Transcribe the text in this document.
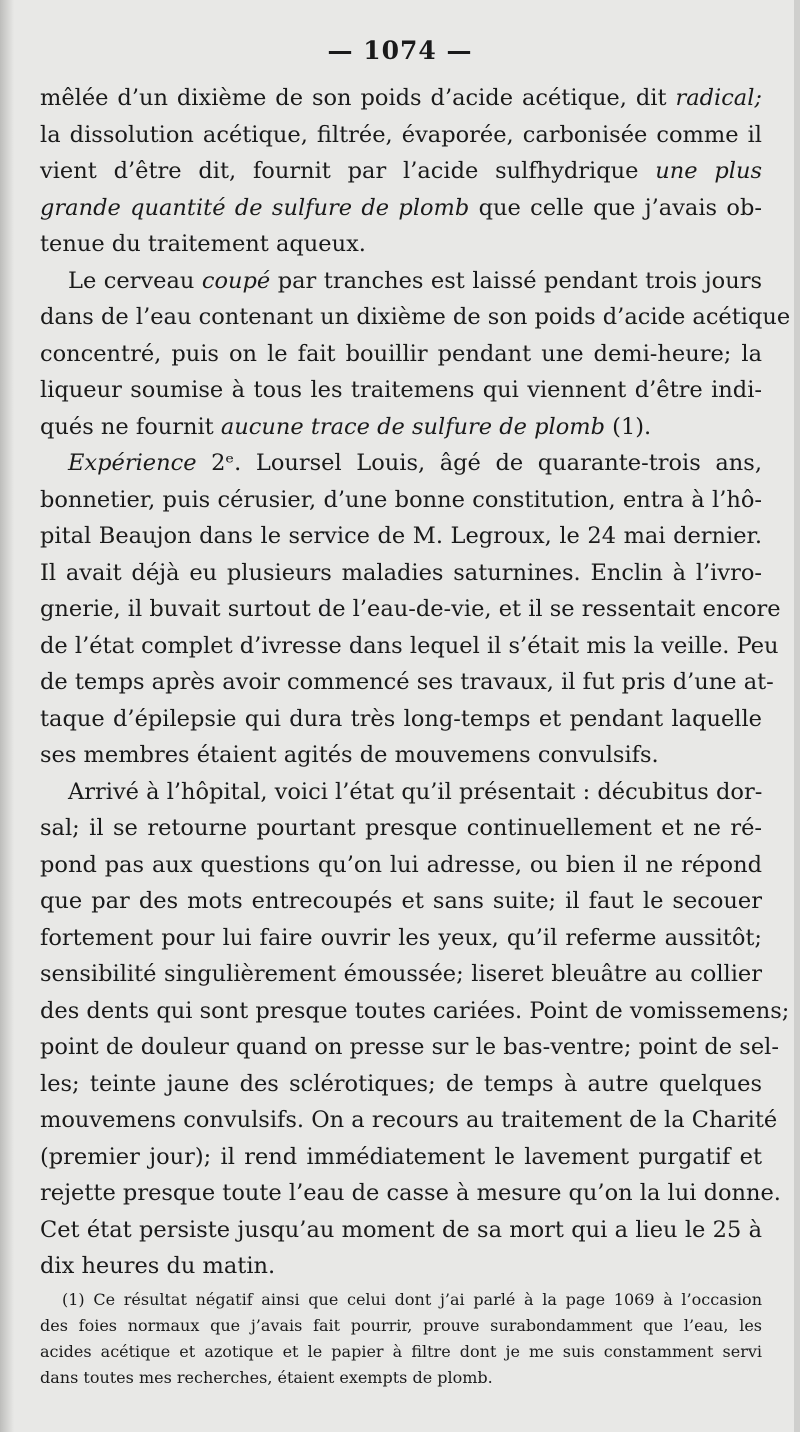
— 1074 —
mêlée d’un dixième de son poids d’acide acétique, dit radical;
la dissolution acétique, filtrée, évaporée, carbonisée comme il
vient d’être dit, fournit par l’acide sulfhydrique une plus
grande quantité de sulfure de plomb que celle que j’avais ob-
tenue du traitement aqueux.
Le cerveau coupé par tranches est laissé pendant trois jours
dans de l’eau contenant un dixième de son poids d’acide acétique
concentré, puis on le fait bouillir pendant une demi-heure; la
liqueur soumise à tous les traitemens qui viennent d’être indi-
qués ne fournit aucune trace de sulfure de plomb (1).
Expérience 2ᵉ. Loursel Louis, âgé de quarante-trois ans,
bonnetier, puis cérusier, d’une bonne constitution, entra à l’hô-
pital Beaujon dans le service de M. Legroux, le 24 mai dernier.
Il avait déjà eu plusieurs maladies saturnines. Enclin à l’ivro-
gnerie, il buvait surtout de l’eau-de-vie, et il se ressentait encore
de l’état complet d’ivresse dans lequel il s’était mis la veille. Peu
de temps après avoir commencé ses travaux, il fut pris d’une at-
taque d’épilepsie qui dura très long-temps et pendant laquelle
ses membres étaient agités de mouvemens convulsifs.
Arrivé à l’hôpital, voici l’état qu’il présentait : décubitus dor-
sal; il se retourne pourtant presque continuellement et ne ré-
pond pas aux questions qu’on lui adresse, ou bien il ne répond
que par des mots entrecoupés et sans suite; il faut le secouer
fortement pour lui faire ouvrir les yeux, qu’il referme aussitôt;
sensibilité singulièrement émoussée; liseret bleuâtre au collier
des dents qui sont presque toutes cariées. Point de vomissemens;
point de douleur quand on presse sur le bas-ventre; point de sel-
les; teinte jaune des sclérotiques; de temps à autre quelques
mouvemens convulsifs. On a recours au traitement de la Charité
(premier jour); il rend immédiatement le lavement purgatif et
rejette presque toute l’eau de casse à mesure qu’on la lui donne.
Cet état persiste jusqu’au moment de sa mort qui a lieu le 25 à
dix heures du matin.
(1) Ce résultat négatif ainsi que celui dont j’ai parlé à la page 1069 à l’occasion
des foies normaux que j’avais fait pourrir, prouve surabondamment que l’eau, les
acides acétique et azotique et le papier à filtre dont je me suis constamment servi
dans toutes mes recherches, étaient exempts de plomb.
